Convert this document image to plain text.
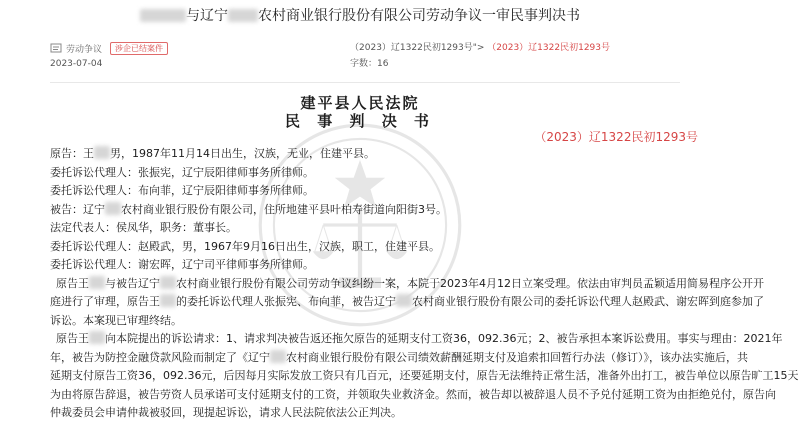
与辽宁 农村商业银行股份有限公司劳动争议一审民事判决书
劳动争议	涉企已结案件
2023-07-04
（2023）辽1322民初1293号"> （2023）辽1322民初1293号
字数：16
建平县人民法院
民 事 判 决 书
（2023）辽1322民初1293号
原告：王 男，1987年11月14日出生，汉族，无业，住建平县。
委托诉讼代理人：张振宪，辽宁辰阳律师事务所律师。
委托诉讼代理人：布向菲，辽宁辰阳律师事务所律师。
被告：辽宁 农村商业银行股份有限公司，住所地建平县叶柏寿街道向阳街3号。
法定代表人：侯凤华，职务：董事长。
委托诉讼代理人：赵殿武，男，1967年9月16日出生，汉族，职工，住建平县。
委托诉讼代理人：谢宏晖，辽宁司平律师事务所律师。
原告王 与被告辽宁 农村商业银行股份有限公司劳动争议纠纷一案，本院于2023年4月12日立案受理。依法由审判员孟颖适用简易程序公开开
庭进行了审理，原告王 的委托诉讼代理人张振宪、布向菲，被告辽宁 农村商业银行股份有限公司的委托诉讼代理人赵殿武、谢宏晖到庭参加了
诉讼。本案现已审理终结。
原告王 向本院提出的诉讼请求：1、请求判决被告返还拖欠原告的延期支付工资36，092.36元；2、被告承担本案诉讼费用。事实与理由：2021年
年，被告为防控金融贷款风险而制定了《辽宁 农村商业银行股份有限公司绩效薪酬延期支付及追索扣回暂行办法（修订）》，该办法实施后，共
延期支付原告工资36，092.36元，后因每月实际发放工资只有几百元，还要延期支付，原告无法维持正常生活，准备外出打工，被告单位以原告旷工15天
为由将原告辞退，被告劳资人员承诺可支付延期支付的工资，并领取失业救济金。然而，被告却以被辞退人员不予兑付延期工资为由拒绝兑付，原告向
仲裁委员会申请仲裁被驳回，现提起诉讼，请求人民法院依法公正判决。
